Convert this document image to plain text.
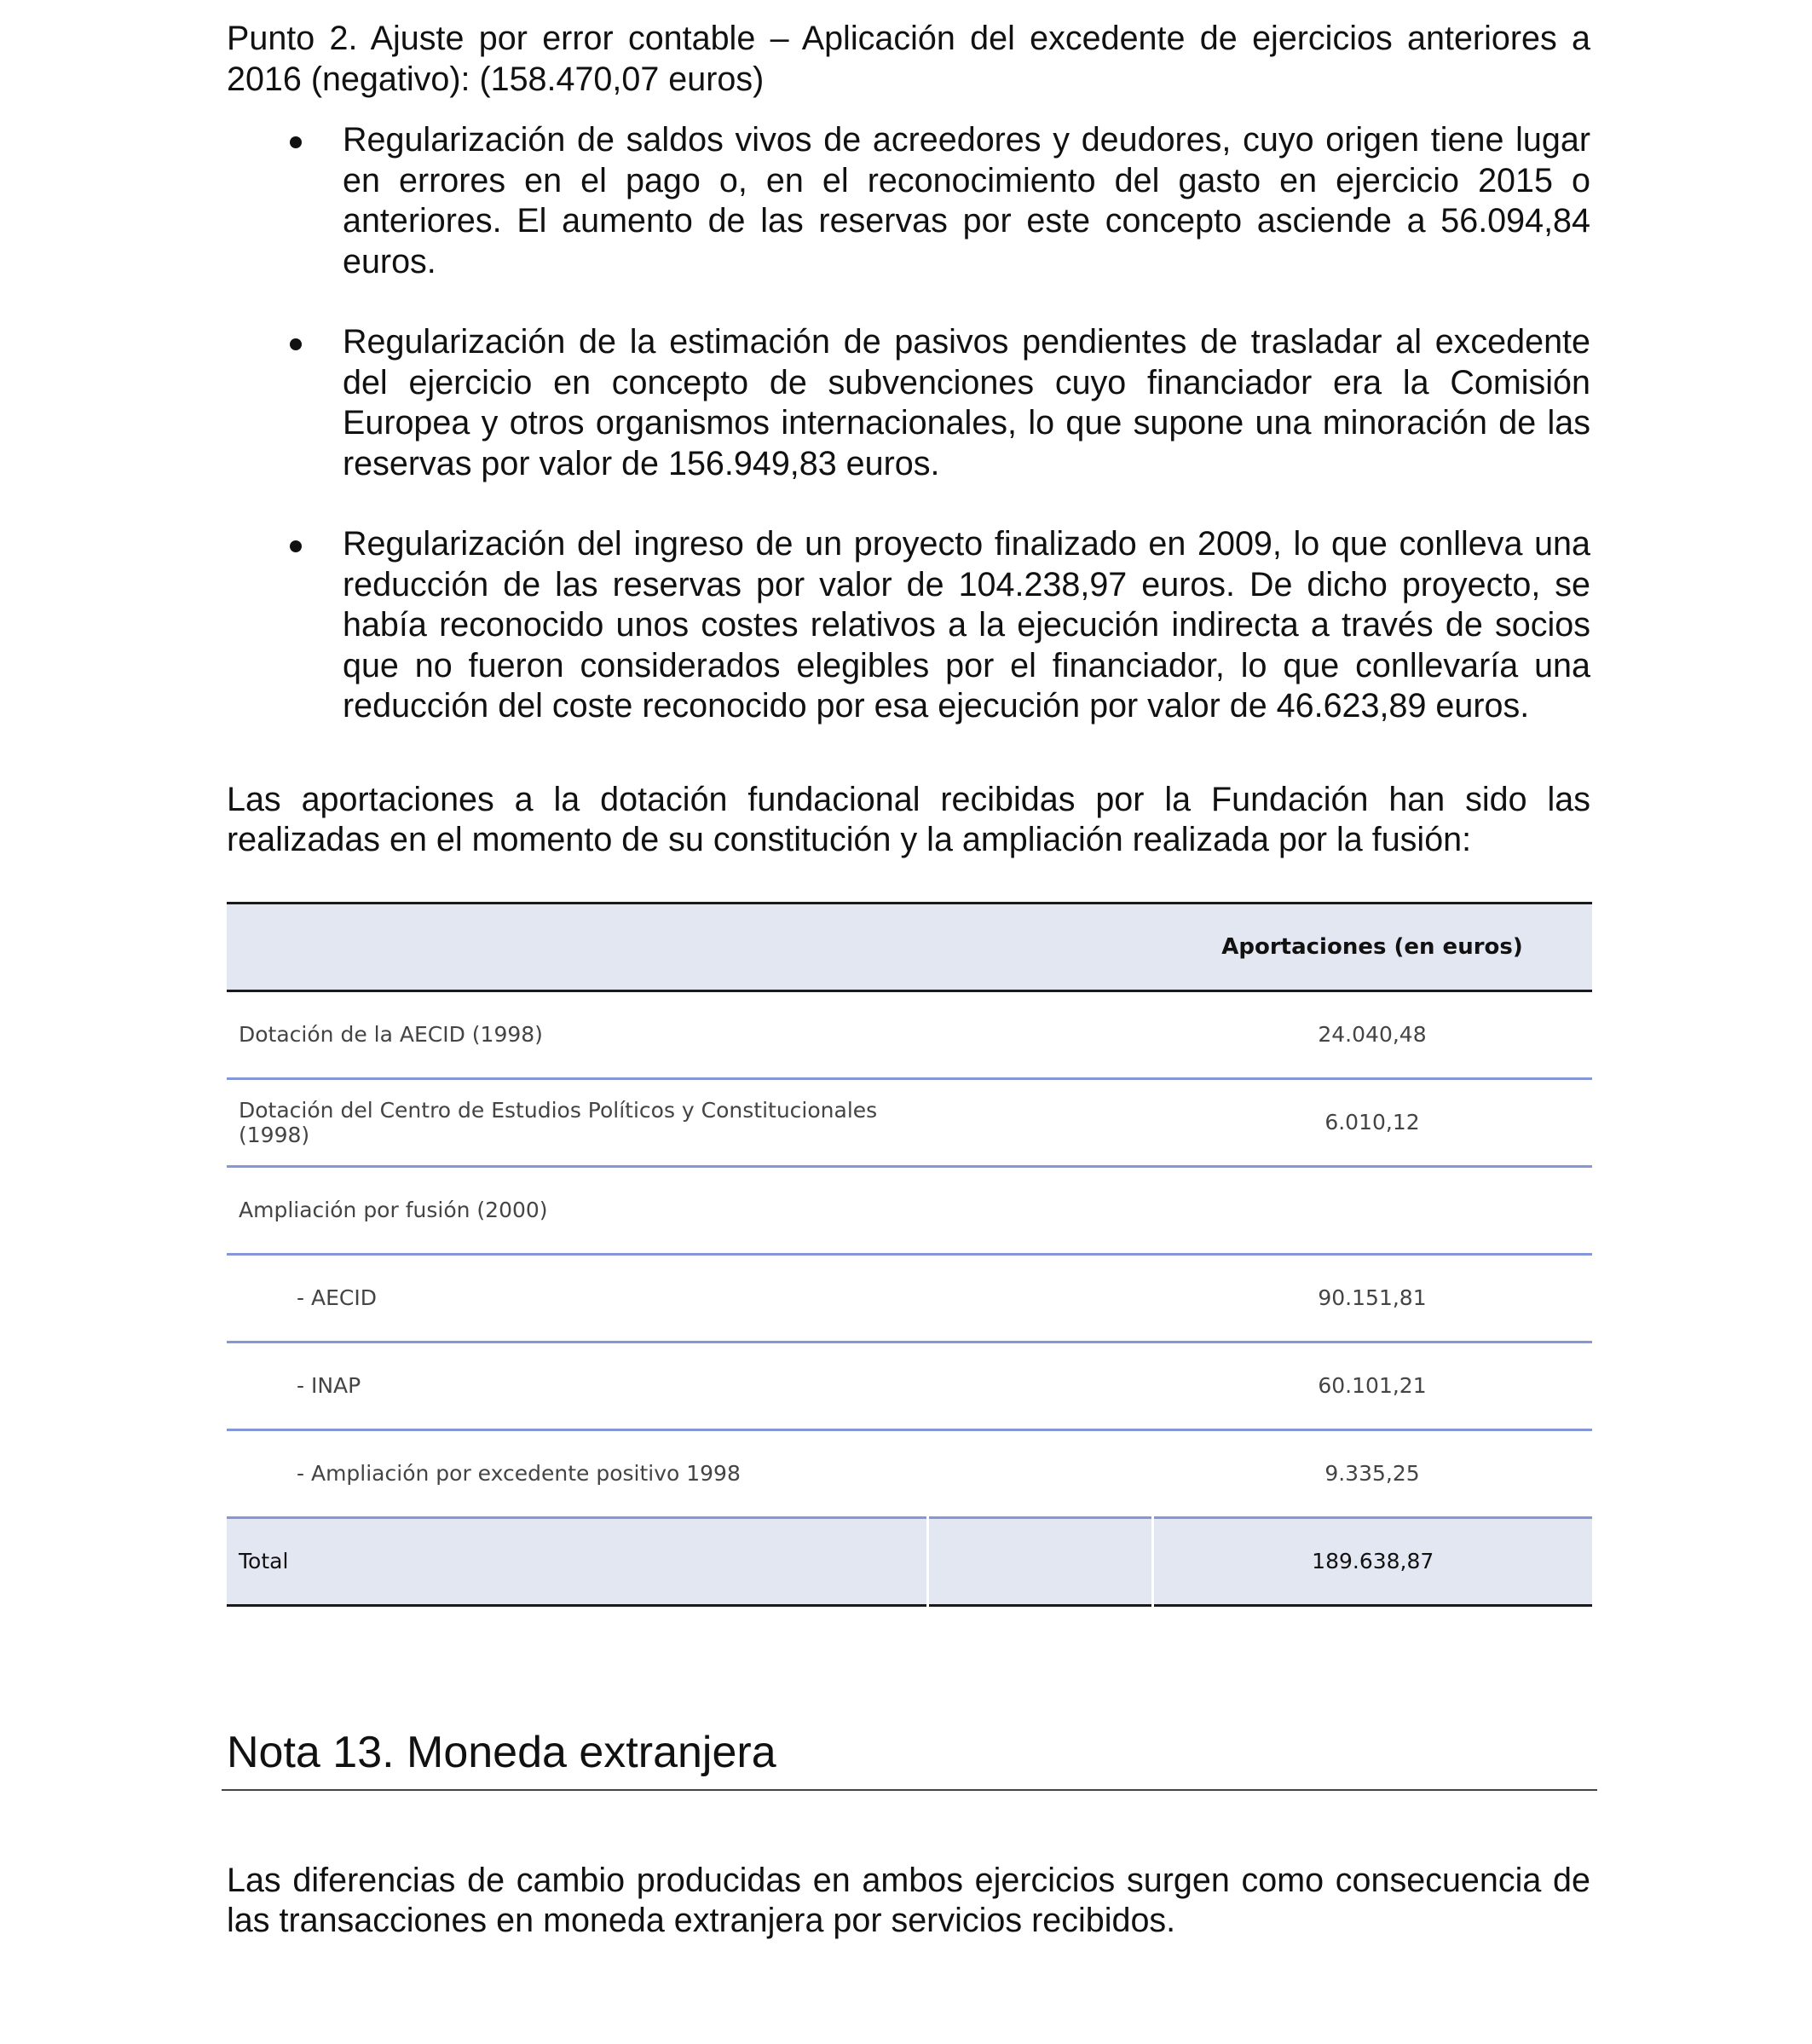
Punto 2. Ajuste por error contable – Aplicación del excedente de ejercicios anteriores a 2016 (negativo): (158.470,07 euros)

Regularización de saldos vivos de acreedores y deudores, cuyo origen tiene lugar en errores en el pago o, en el reconocimiento del gasto en ejercicio 2015 o anteriores. El aumento de las reservas por este concepto asciende a 56.094,84 euros.
Regularización de la estimación de pasivos pendientes de trasladar al excedente del ejercicio en concepto de subvenciones cuyo financiador era la Comisión Europea y otros organismos internacionales, lo que supone una minoración de las reservas por valor de 156.949,83 euros.
Regularización del ingreso de un proyecto finalizado en 2009, lo que conlleva una reducción de las reservas por valor de 104.238,97 euros. De dicho proyecto, se había reconocido unos costes relativos a la ejecución indirecta a través de socios que no fueron considerados elegibles por el financiador, lo que conllevaría una reducción del coste reconocido por esa ejecución por valor de 46.623,89 euros.

Las aportaciones a la dotación fundacional recibidas por la Fundación han sido las realizadas en el momento de su constitución y la ampliación realizada por la fusión:

		Aportaciones (en euros)
Dotación de la AECID (1998)		24.040,48
Dotación del Centro de Estudios Políticos y Constitucionales (1998)		6.010,12
Ampliación por fusión (2000)		
- AECID		90.151,81
- INAP		60.101,21
- Ampliación por excedente positivo 1998		9.335,25
Total		189.638,87
Nota 13. Moneda extranjera

Las diferencias de cambio producidas en ambos ejercicios surgen como consecuencia de las transacciones en moneda extranjera por servicios recibidos.
